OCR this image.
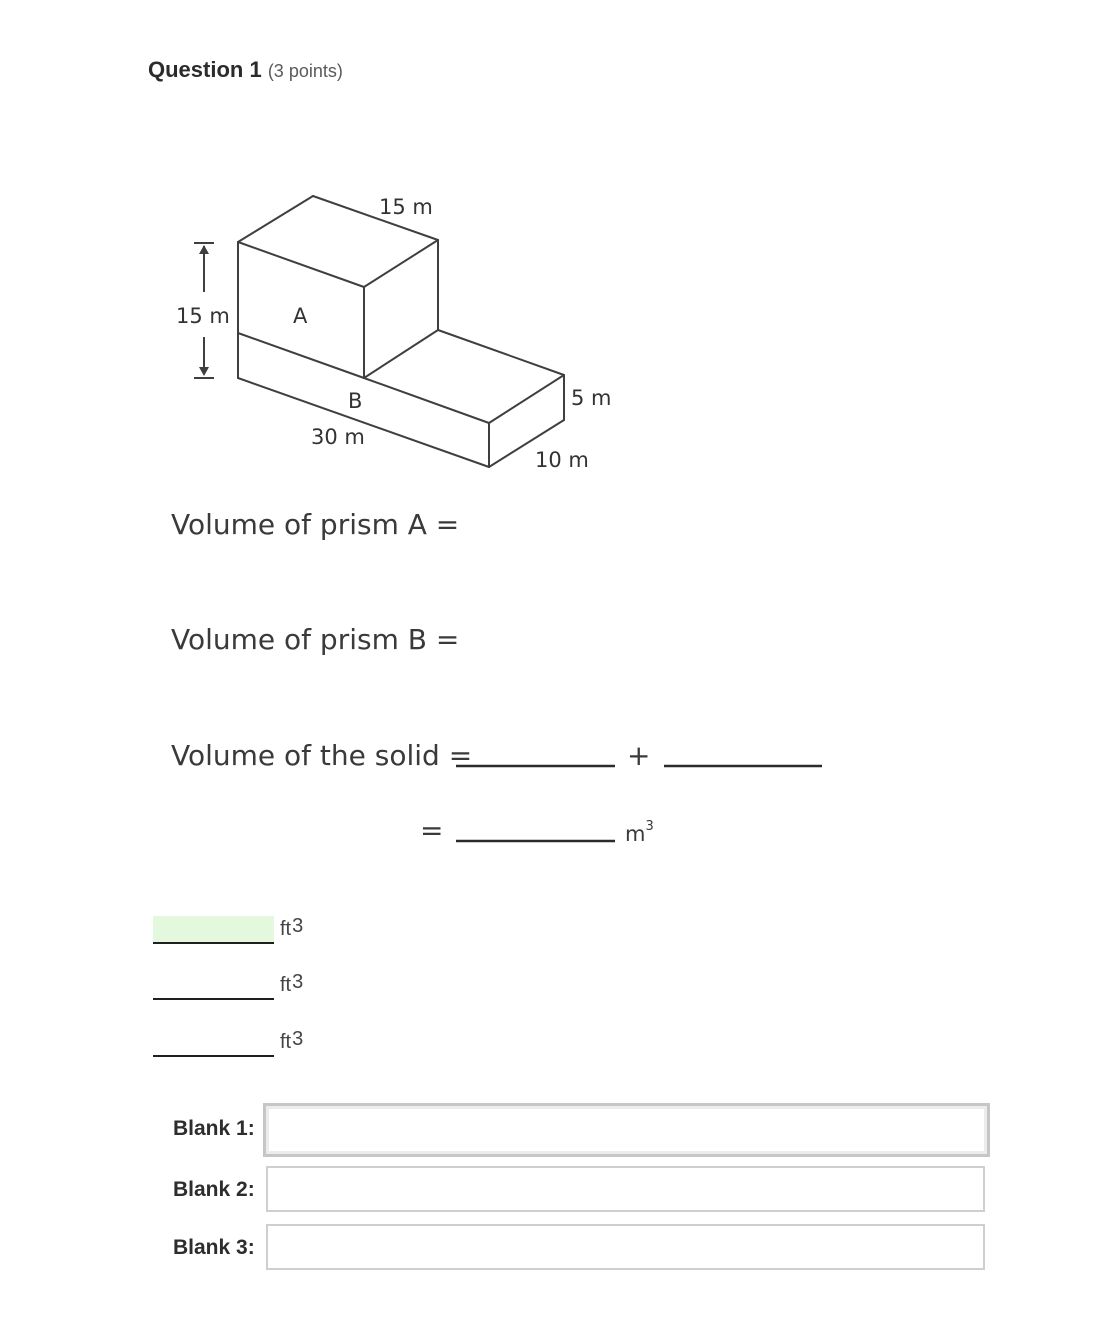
Question 1 (3 points)
15 m
15 m	A
B
30 m
5 m
10 m
Volume of prism A =
Volume of prism B =
Volume of the solid =	+
=	$m^3$
$ft^3$
$ft^3$
$ft^3$
Blank 1:
Blank 2:
Blank 3:
